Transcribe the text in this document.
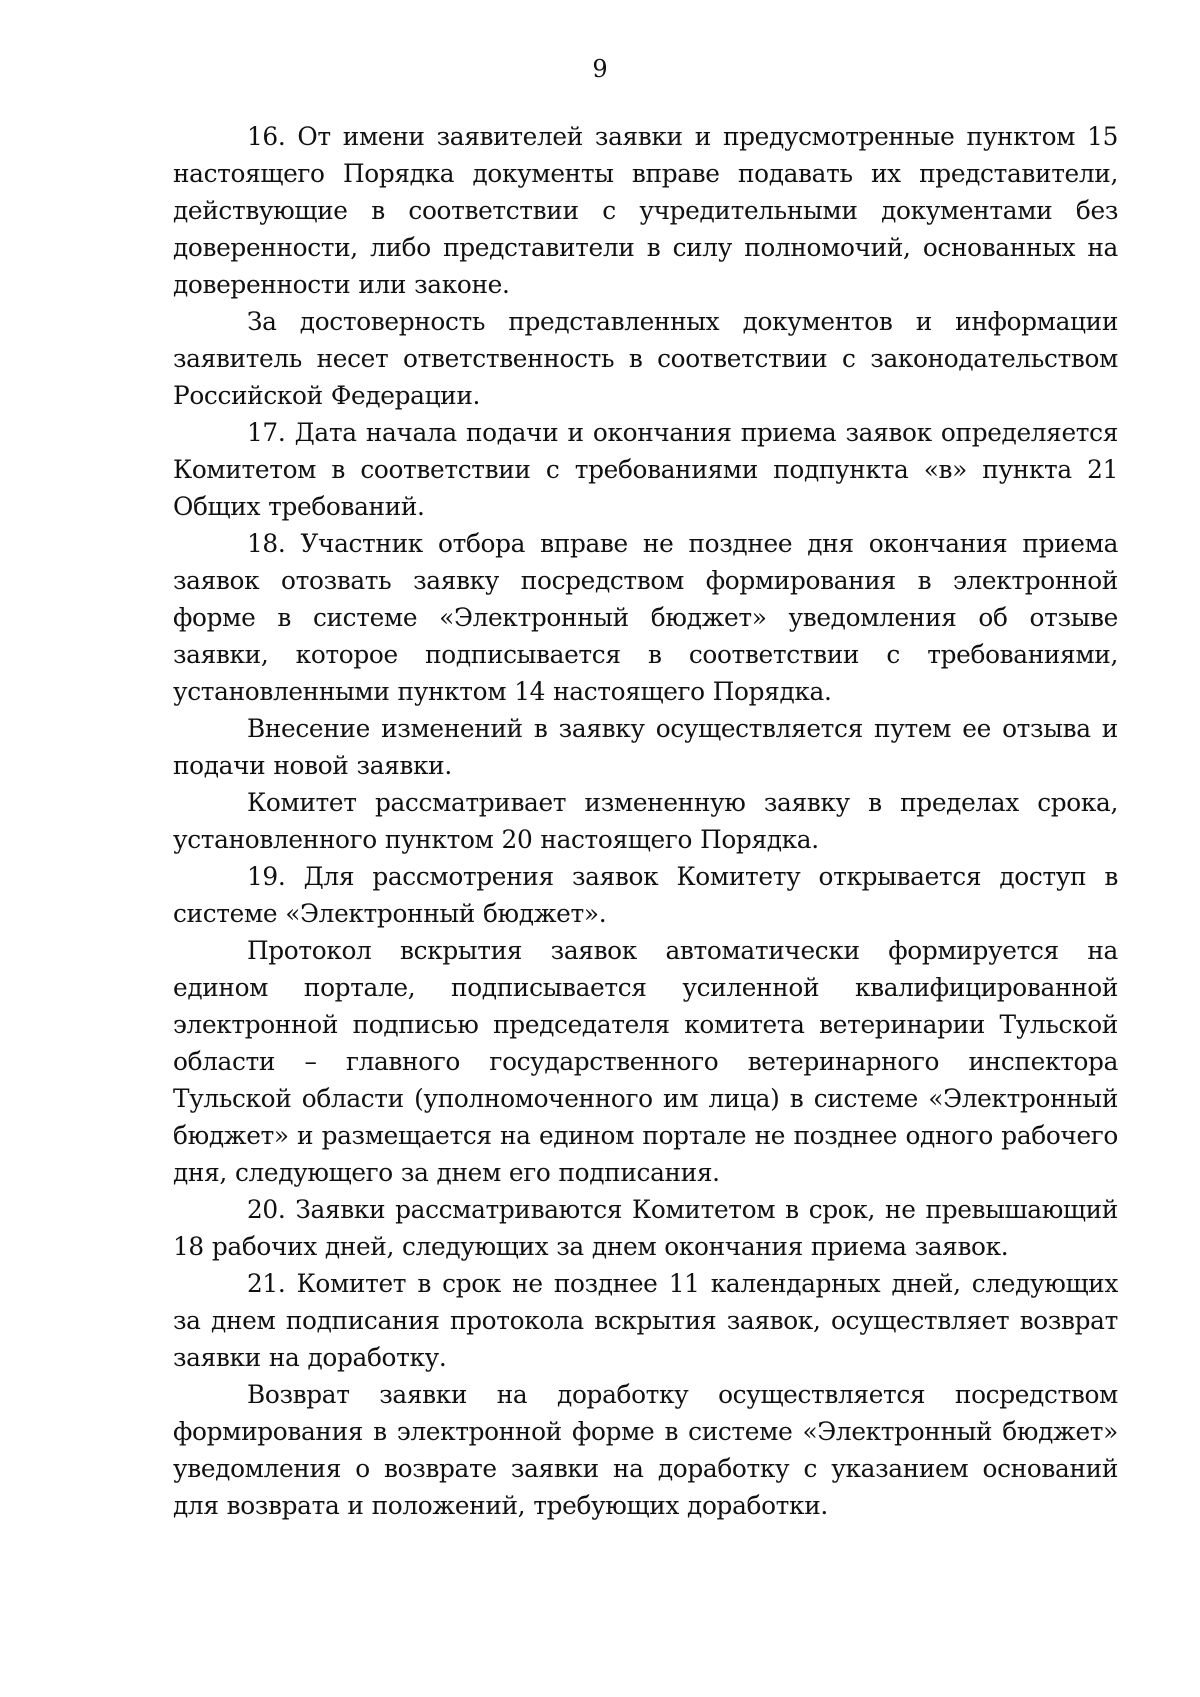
9

16. От имени заявителей заявки и предусмотренные пунктом 15 настоящего Порядка документы вправе подавать их представители, действующие в соответствии с учредительными документами без доверенности, либо представители в силу полномочий, основанных на доверенности или законе.

За достоверность представленных документов и информации заявитель несет ответственность в соответствии с законодательством Российской Федерации.

17. Дата начала подачи и окончания приема заявок определяется Комитетом в соответствии с требованиями подпункта «в» пункта 21 Общих требований.

18. Участник отбора вправе не позднее дня окончания приема заявок отозвать заявку посредством формирования в электронной форме в системе «Электронный бюджет» уведомления об отзыве заявки, которое подписывается в соответствии с требованиями, установленными пунктом 14 настоящего Порядка.

Внесение изменений в заявку осуществляется путем ее отзыва и подачи новой заявки.

Комитет рассматривает измененную заявку в пределах срока, установленного пунктом 20 настоящего Порядка.

19. Для рассмотрения заявок Комитету открывается доступ в системе «Электронный бюджет».

Протокол вскрытия заявок автоматически формируется на едином портале, подписывается усиленной квалифицированной электронной подписью председателя комитета ветеринарии Тульской области – главного государственного ветеринарного инспектора Тульской области (уполномоченного им лица) в системе «Электронный бюджет» и размещается на едином портале не позднее одного рабочего дня, следующего за днем его подписания.

20. Заявки рассматриваются Комитетом в срок, не превышающий 18 рабочих дней, следующих за днем окончания приема заявок.

21. Комитет в срок не позднее 11 календарных дней, следующих за днем подписания протокола вскрытия заявок, осуществляет возврат заявки на доработку.

Возврат заявки на доработку осуществляется посредством формирования в электронной форме в системе «Электронный бюджет» уведомления о возврате заявки на доработку с указанием оснований для возврата и положений, требующих доработки.
